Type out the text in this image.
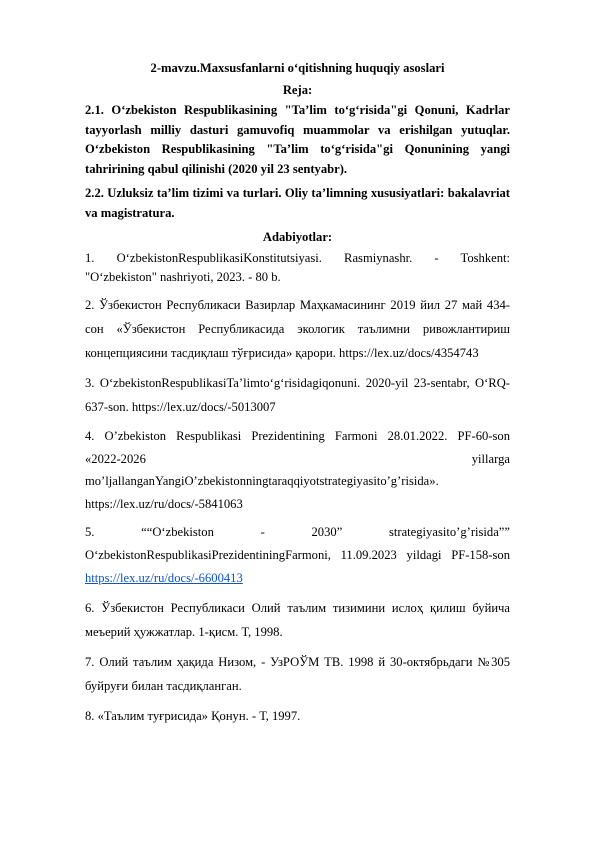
2-mavzu.Maxsusfanlarni o‘qitishning huquqiy asoslari
Reja:
2.1. O‘zbekiston Respublikasining "Ta’lim to‘g‘risida"gi Qonuni, Kadrlar tayyorlash milliy dasturi gamuvofiq muammolar va erishilgan yutuqlar. O‘zbekiston Respublikasining "Ta’lim to‘g‘risida"gi Qonunining yangi tahririning qabul qilinishi (2020 yil 23 sentyabr).
2.2. Uzluksiz ta’lim tizimi va turlari. Oliy ta’limning xususiyatlari: bakalavriat va magistratura.
Adabiyotlar:
1.     O‘zbekistonRespublikasiKonstitutsiyasi.     Rasmiynashr.     -     Toshkent:
"O‘zbekiston" nashriyoti, 2023. - 80 b.
2. Ўзбекистон Республикаси Вазирлар Маҳкамасининг 2019 йил 27 май 434-сон «Ўзбекистон Республикасида экологик таълимни ривожлантириш концепциясини тасдиқлаш тўғрисида» қарори. https://lex.uz/docs/4354743
3. O‘zbekistonRespublikasiTa’limto‘g‘risidagiqonuni. 2020-yil 23-sentabr, O‘RQ-637-son. https://lex.uz/docs/-5013007
4. O’zbekiston Respublikasi Prezidentining Farmoni 28.01.2022. PF-60-son
«2022-2026	yillarga
mo’ljallanganYangiO’zbekistonningtaraqqiyotstrategiyasito’g’risida».
https://lex.uz/ru/docs/-5841063
5.	““O‘zbekiston	-	2030”	strategiyasito’g’risida””
O‘zbekistonRespublikasiPrezidentiningFarmoni, 11.09.2023 yildagi PF-158-son
https://lex.uz/ru/docs/-6600413
6. Ўзбекистон Республикаси Олий таълим тизимини ислоҳ қилиш буйича меъерий ҳужжатлар. 1-қисм. Т, 1998.
7. Олий таълим ҳақида Низом, - УзРОЎМ ТВ. 1998 й 30-октябрьдаги №305 буйруғи билан тасдиқланган.
8. «Таълим туғрисида» Қонун. - Т, 1997.
